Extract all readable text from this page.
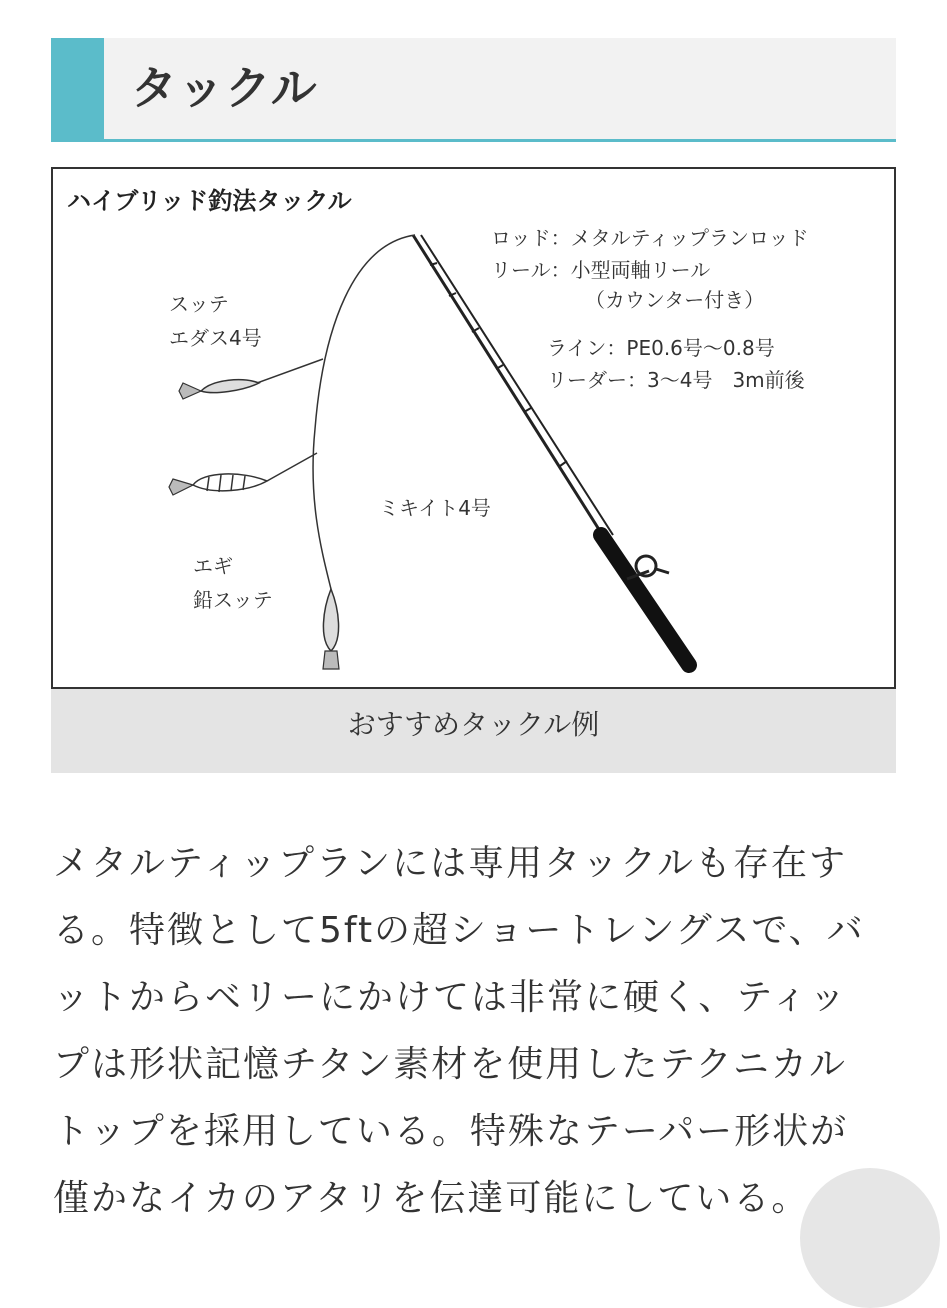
タックル
ハイブリッド釣法タックル
ロッド：メタルティップランロッド
リール：小型両軸リール
（カウンター付き）
ライン：PE0.6号〜0.8号
リーダー：3〜4号　3m前後
スッテ
エダス4号
ミキイト4号
エギ
鉛スッテ
おすすめタックル例
メタルティップランには専用タックルも存在する。特徴として5ftの超ショートレングスで、バットからベリーにかけては非常に硬く、ティップは形状記憶チタン素材を使用したテクニカルトップを採用している。特殊なテーパー形状が僅かなイカのアタリを伝達可能にしている。
